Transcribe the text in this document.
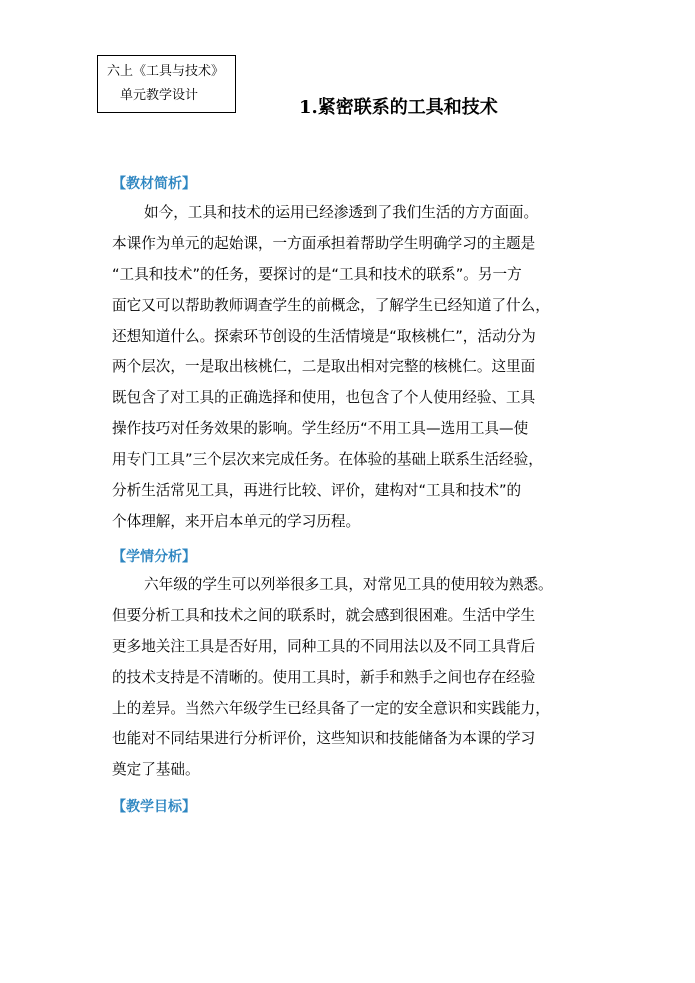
六上《工具与技术》
单元教学设计
1.紧密联系的工具和技术
【教材简析】
如今，工具和技术的运用已经渗透到了我们生活的方方面面。
本课作为单元的起始课，一方面承担着帮助学生明确学习的主题是
“工具和技术”的任务，要探讨的是“工具和技术的联系”。另一方
面它又可以帮助教师调查学生的前概念，了解学生已经知道了什么，
还想知道什么。探索环节创设的生活情境是“取核桃仁”，活动分为
两个层次，一是取出核桃仁，二是取出相对完整的核桃仁。这里面
既包含了对工具的正确选择和使用，也包含了个人使用经验、工具
操作技巧对任务效果的影响。学生经历“不用工具—选用工具—使
用专门工具”三个层次来完成任务。在体验的基础上联系生活经验，
分析生活常见工具，再进行比较、评价，建构对“工具和技术”的
个体理解，来开启本单元的学习历程。
【学情分析】
六年级的学生可以列举很多工具，对常见工具的使用较为熟悉。
但要分析工具和技术之间的联系时，就会感到很困难。生活中学生
更多地关注工具是否好用，同种工具的不同用法以及不同工具背后
的技术支持是不清晰的。使用工具时，新手和熟手之间也存在经验
上的差异。当然六年级学生已经具备了一定的安全意识和实践能力，
也能对不同结果进行分析评价，这些知识和技能储备为本课的学习
奠定了基础。
【教学目标】
